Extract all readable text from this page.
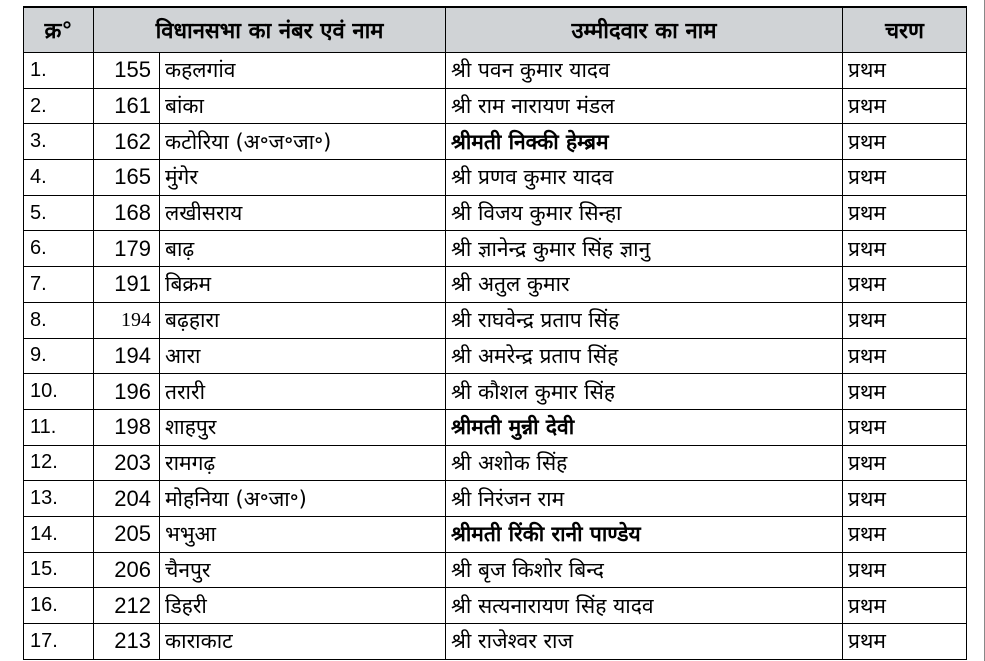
क्र°	विधानसभा का नंबर एवं नाम		उम्मीदवार का नाम	चरण
1.	155	कहलगांव	श्री पवन कुमार यादव	प्रथम
2.	161	बांका	श्री राम नारायण मंडल	प्रथम
3.	162	कटोरिया (अ॰ज॰जा॰)	श्रीमती निक्की हेम्ब्रम	प्रथम
4.	165	मुंगेर	श्री प्रणव कुमार यादव	प्रथम
5.	168	लखीसराय	श्री विजय कुमार सिन्हा	प्रथम
6.	179	बाढ़	श्री ज्ञानेन्द्र कुमार सिंह ज्ञानु	प्रथम
7.	191	बिक्रम	श्री अतुल कुमार	प्रथम
8.	194	बढ़हारा	श्री राघवेन्द्र प्रताप सिंह	प्रथम
9.	194	आरा	श्री अमरेन्द्र प्रताप सिंह	प्रथम
10.	196	तरारी	श्री कौशल कुमार सिंह	प्रथम
11.	198	शाहपुर	श्रीमती मुन्नी देवी	प्रथम
12.	203	रामगढ़	श्री अशोक सिंह	प्रथम
13.	204	मोहनिया (अ॰जा॰)	श्री निरंजन राम	प्रथम
14.	205	भभुआ	श्रीमती रिंकी रानी पाण्डेय	प्रथम
15.	206	चैनपुर	श्री बृज किशोर बिन्द	प्रथम
16.	212	डिहरी	श्री सत्यनारायण सिंह यादव	प्रथम
17.	213	काराकाट	श्री राजेश्वर राज	प्रथम
